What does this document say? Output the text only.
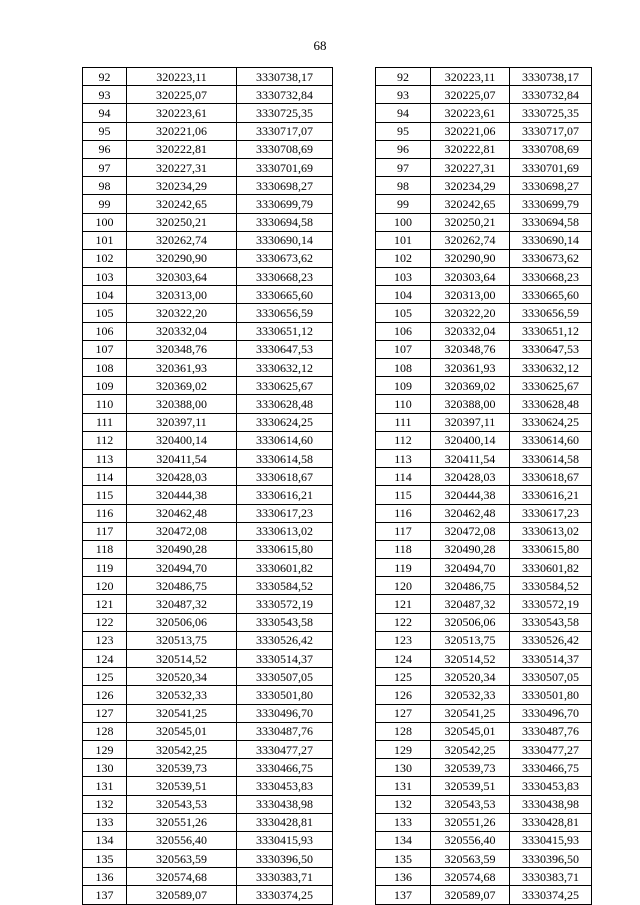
68
92	320223,11	3330738,17
93	320225,07	3330732,84
94	320223,61	3330725,35
95	320221,06	3330717,07
96	320222,81	3330708,69
97	320227,31	3330701,69
98	320234,29	3330698,27
99	320242,65	3330699,79
100	320250,21	3330694,58
101	320262,74	3330690,14
102	320290,90	3330673,62
103	320303,64	3330668,23
104	320313,00	3330665,60
105	320322,20	3330656,59
106	320332,04	3330651,12
107	320348,76	3330647,53
108	320361,93	3330632,12
109	320369,02	3330625,67
110	320388,00	3330628,48
111	320397,11	3330624,25
112	320400,14	3330614,60
113	320411,54	3330614,58
114	320428,03	3330618,67
115	320444,38	3330616,21
116	320462,48	3330617,23
117	320472,08	3330613,02
118	320490,28	3330615,80
119	320494,70	3330601,82
120	320486,75	3330584,52
121	320487,32	3330572,19
122	320506,06	3330543,58
123	320513,75	3330526,42
124	320514,52	3330514,37
125	320520,34	3330507,05
126	320532,33	3330501,80
127	320541,25	3330496,70
128	320545,01	3330487,76
129	320542,25	3330477,27
130	320539,73	3330466,75
131	320539,51	3330453,83
132	320543,53	3330438,98
133	320551,26	3330428,81
134	320556,40	3330415,93
135	320563,59	3330396,50
136	320574,68	3330383,71
137	320589,07	3330374,25
92	320223,11	3330738,17
93	320225,07	3330732,84
94	320223,61	3330725,35
95	320221,06	3330717,07
96	320222,81	3330708,69
97	320227,31	3330701,69
98	320234,29	3330698,27
99	320242,65	3330699,79
100	320250,21	3330694,58
101	320262,74	3330690,14
102	320290,90	3330673,62
103	320303,64	3330668,23
104	320313,00	3330665,60
105	320322,20	3330656,59
106	320332,04	3330651,12
107	320348,76	3330647,53
108	320361,93	3330632,12
109	320369,02	3330625,67
110	320388,00	3330628,48
111	320397,11	3330624,25
112	320400,14	3330614,60
113	320411,54	3330614,58
114	320428,03	3330618,67
115	320444,38	3330616,21
116	320462,48	3330617,23
117	320472,08	3330613,02
118	320490,28	3330615,80
119	320494,70	3330601,82
120	320486,75	3330584,52
121	320487,32	3330572,19
122	320506,06	3330543,58
123	320513,75	3330526,42
124	320514,52	3330514,37
125	320520,34	3330507,05
126	320532,33	3330501,80
127	320541,25	3330496,70
128	320545,01	3330487,76
129	320542,25	3330477,27
130	320539,73	3330466,75
131	320539,51	3330453,83
132	320543,53	3330438,98
133	320551,26	3330428,81
134	320556,40	3330415,93
135	320563,59	3330396,50
136	320574,68	3330383,71
137	320589,07	3330374,25
